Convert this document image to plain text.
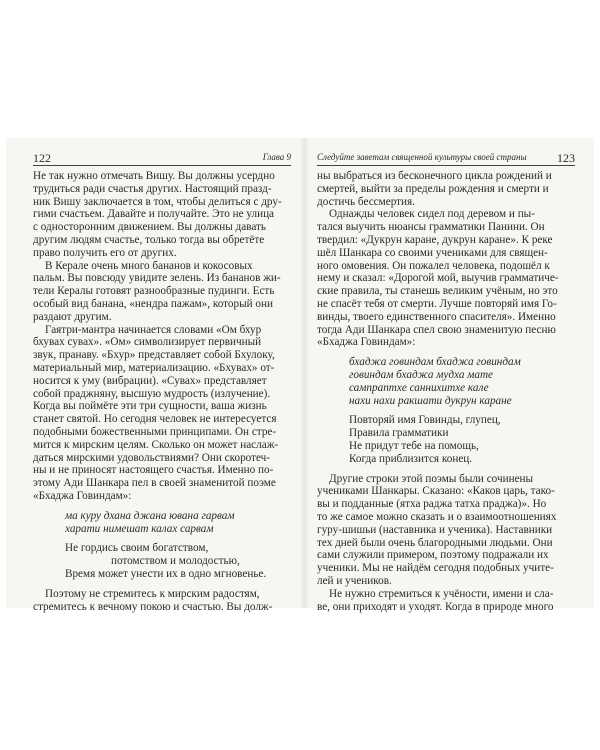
122	Глава 9
Не так нужно отмечать Вишу. Вы должны усердно
трудиться ради счастья других. Настоящий празд-
ник Вишу заключается в том, чтобы делиться с дру-
гими счастьем. Давайте и получайте. Это не улица
с односторонним движением. Вы должны давать
другим людям счастье, только тогда вы обретёте
право получить его от других.
В Керале очень много бананов и кокосовых
пальм. Вы повсюду увидите зелень. Из бананов жи-
тели Кералы готовят разнообразные пудинги. Есть
особый вид банана, «нендра пажам», который они
раздают другим.
Гаятри-мантра начинается словами «Ом бхур
бхувах сувах». «Ом» символизирует первичный
звук, пранаву. «Бхур» представляет собой Бхулоку,
материальный мир, материализацию. «Бхувах» от-
носится к уму (вибрации). «Сувах» представляет
собой праджняну, высшую мудрость (излучение).
Когда вы поймёте эти три сущности, ваша жизнь
станет святой. Но сегодня человек не интересуется
подобными божественными принципами. Он стре-
мится к мирским целям. Сколько он может наслаж-
даться мирскими удовольствиями? Они скоротеч-
ны и не приносят настоящего счастья. Именно по-
этому Ади Шанкара пел в своей знаменитой поэме
«Бхаджа Говиндам»:
ма куру дхана джана ювана гарвам
харати нимешат калах сарвам
Не гордись своим богатством,
потомством и молодостью,
Время может унести их в одно мгновенье.
Поэтому не стремитесь к мирским радостям,
стремитесь к вечному покою и счастью. Вы долж-
Следуйте заветам священной культуры своей страны	123
ны выбраться из бесконечного цикла рождений и
смертей, выйти за пределы рождения и смерти и
достичь бессмертия.
Однажды человек сидел под деревом и пы-
тался выучить нюансы грамматики Панини. Он
твердил: «Дукрун каране, дукрун каране». К реке
шёл Шанкара со своими учениками для священ-
ного омовения. Он пожалел человека, подошёл к
нему и сказал: «Дорогой мой, выучив грамматиче-
ские правила, ты станешь великим учёным, но это
не спасёт тебя от смерти. Лучше повторяй имя Го-
винды, твоего единственного спасителя». Именно
тогда Ади Шанкара спел свою знаменитую песню
«Бхаджа Говиндам»:
бхаджа говиндам бхаджа говиндам
говиндам бхаджа мудха мате
сампраптхе саннихитхе кале
нахи нахи ракшати дукрун каране
Повторяй имя Говинды, глупец,
Правила грамматики
Не придут тебе на помощь,
Когда приблизится конец.
Другие строки этой поэмы были сочинены
учениками Шанкары. Сказано: «Каков царь, тако-
вы и подданные (ятха раджа татха праджа)». Но
то же самое можно сказать и о взаимоотношениях
гуру-шишьи (наставника и ученика). Наставники
тех дней были очень благородными людьми. Они
сами служили примером, поэтому подражали их
ученики. Мы не найдём сегодня подобных учите-
лей и учеников.
Не нужно стремиться к учёности, имени и сла-
ве, они приходят и уходят. Когда в природе много
